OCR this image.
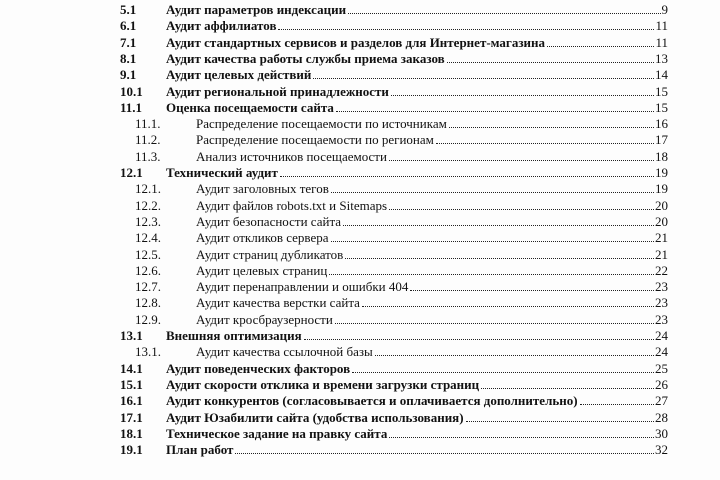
5.1 Аудит параметров индексации	9
6.1 Аудит аффилиатов	11
7.1 Аудит стандартных сервисов и разделов для Интернет-магазина	11
8.1 Аудит качества работы службы приема заказов	13
9.1 Аудит целевых действий	14
10.1 Аудит региональной принадлежности	15
11.1 Оценка посещаемости сайта	15
11.1.	Распределение посещаемости по источникам	16
11.2.	Распределение посещаемости по регионам	17
11.3.	Анализ источников посещаемости	18
12.1 Технический аудит	19
12.1.	Аудит заголовных тегов	19
12.2.	Аудит файлов robots.txt и Sitemaps	20
12.3.	Аудит безопасности сайта	20
12.4.	Аудит откликов сервера	21
12.5.	Аудит страниц дубликатов	21
12.6.	Аудит целевых страниц	22
12.7.	Аудит перенаправлении и ошибки 404	23
12.8.	Аудит качества верстки сайта	23
12.9.	Аудит кросбраузерности	23
13.1 Внешняя оптимизация	24
13.1.	Аудит качества ссылочной базы	24
14.1 Аудит поведенческих факторов	25
15.1 Аудит скорости отклика и времени загрузки страниц	26
16.1 Аудит конкурентов (согласовывается и оплачивается дополнительно)	27
17.1 Аудит Юзабилити сайта (удобства использования)	28
18.1 Техническое задание на правку сайта	30
19.1 План работ	32
